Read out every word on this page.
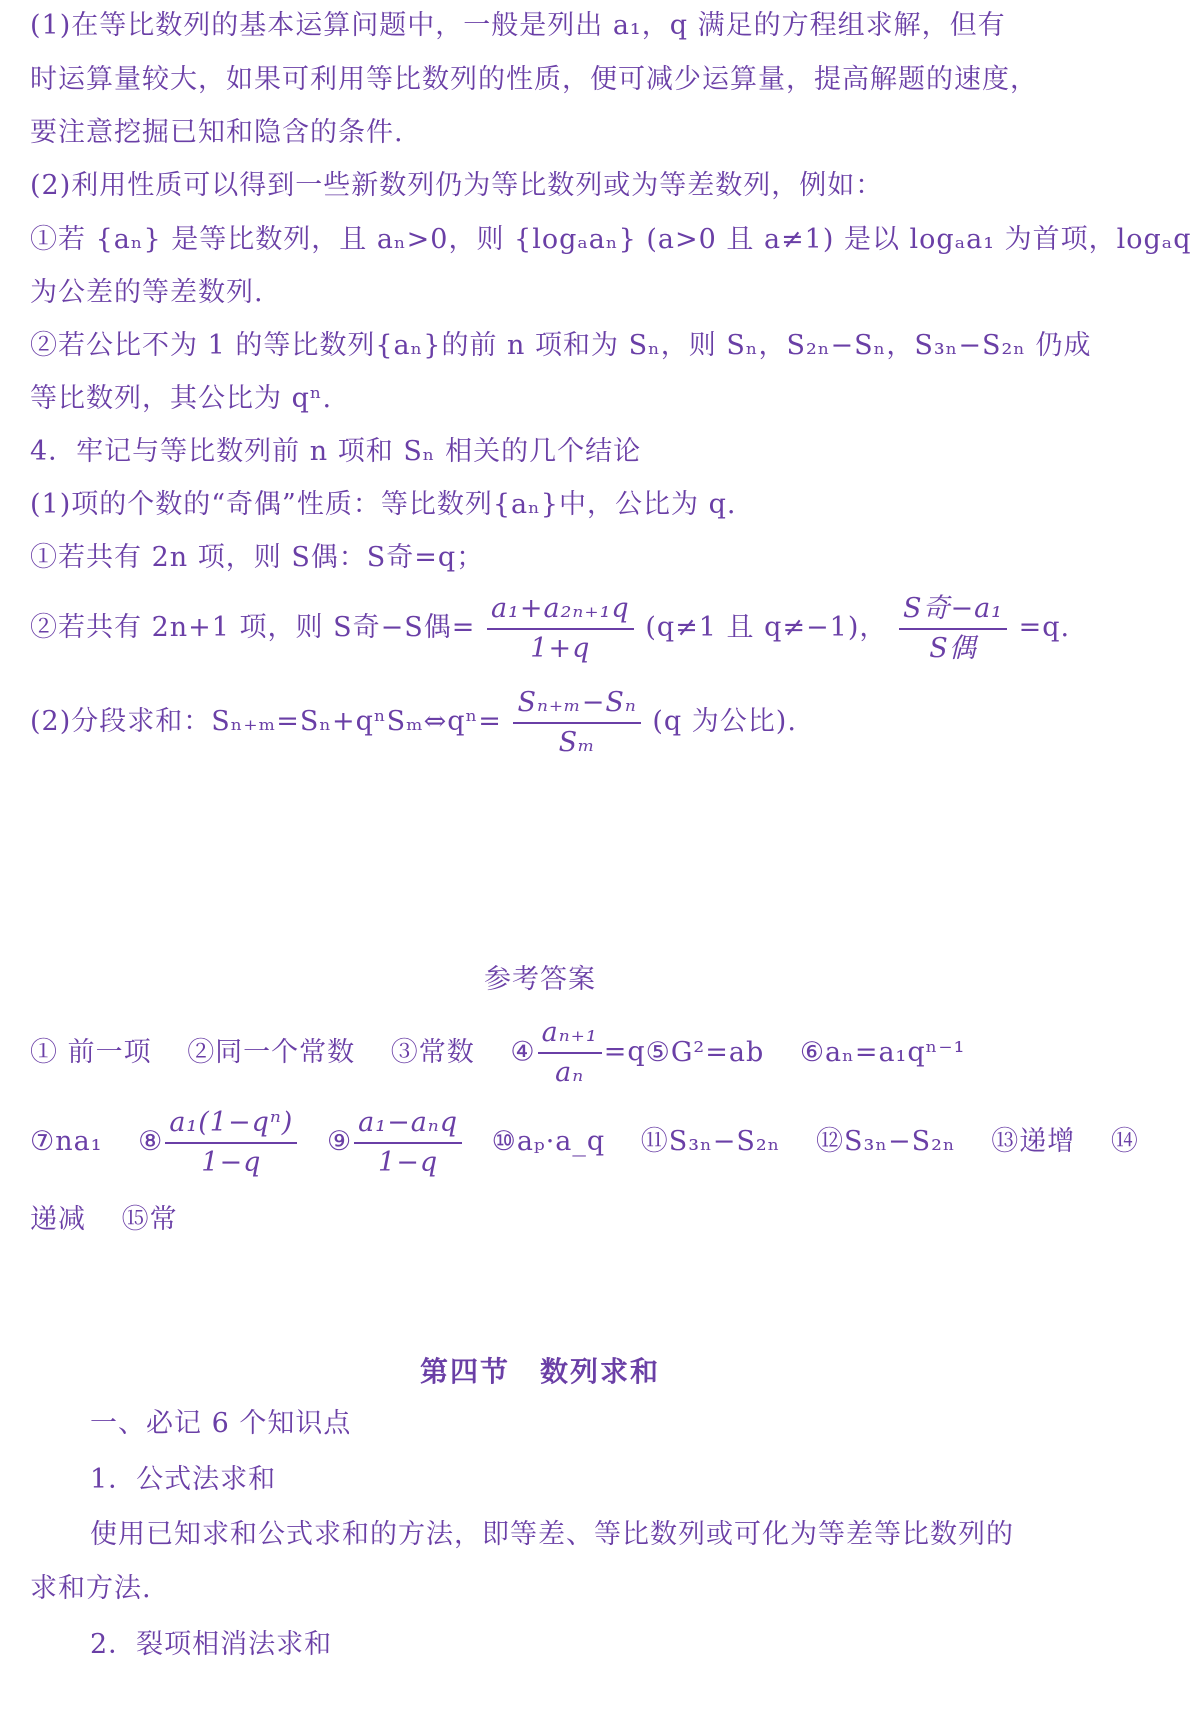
(1)在等比数列的基本运算问题中，一般是列出 a₁，q 满足的方程组求解，但有
时运算量较大，如果可利用等比数列的性质，便可减少运算量，提高解题的速度，
要注意挖掘已知和隐含的条件.
(2)利用性质可以得到一些新数列仍为等比数列或为等差数列，例如：
①若 {aₙ} 是等比数列，且 aₙ>0，则 {logₐaₙ} (a>0 且 a≠1) 是以 logₐa₁ 为首项，logₐq
为公差的等差数列.
②若公比不为 1 的等比数列{aₙ}的前 n 项和为 Sₙ，则 Sₙ，S₂ₙ−Sₙ，S₃ₙ−S₂ₙ 仍成
等比数列，其公比为 qⁿ.
4．牢记与等比数列前 n 项和 Sₙ 相关的几个结论
(1)项的个数的“奇偶”性质：等比数列{aₙ}中，公比为 q.
①若共有 2n 项，则 S偶：S奇=q；
②若共有 2n+1 项，则 S奇−S偶= $\frac{\text{a₁+a₂ₙ₊₁q}}{1+q} (q\ne 1$ 且 q≠−1)， $\frac{\text{S奇−a₁}}{\text{S偶}} =q$.
(2)分段求和：Sₙ₊ₘ=Sₙ+qⁿSₘ⇔qⁿ= $\frac{\text{Sₙ₊ₘ−Sₙ}}{\text{Sₘ}} (q$ 为公比).
参考答案
① 前一项 ②同一个常数 ③常数 ④ $\frac{\text{aₙ₊₁}}{\text{aₙ}}$ =q⑤G²=ab ⑥aₙ=a₁qⁿ⁻¹
⑦na₁ ⑧ $\frac{\text{a₁(1−qⁿ)}}{1-q}$ ⑨ $\frac{\text{a₁−aₙq}}{1-q}$ ⑩aₚ·a_q ⑪S₃ₙ−S₂ₙ ⑫S₃ₙ−S₂ₙ ⑬递增 ⑭
递减 ⑮常
第四节　数列求和
一、必记 6 个知识点
1．公式法求和
使用已知求和公式求和的方法，即等差、等比数列或可化为等差等比数列的
求和方法.
2．裂项相消法求和
